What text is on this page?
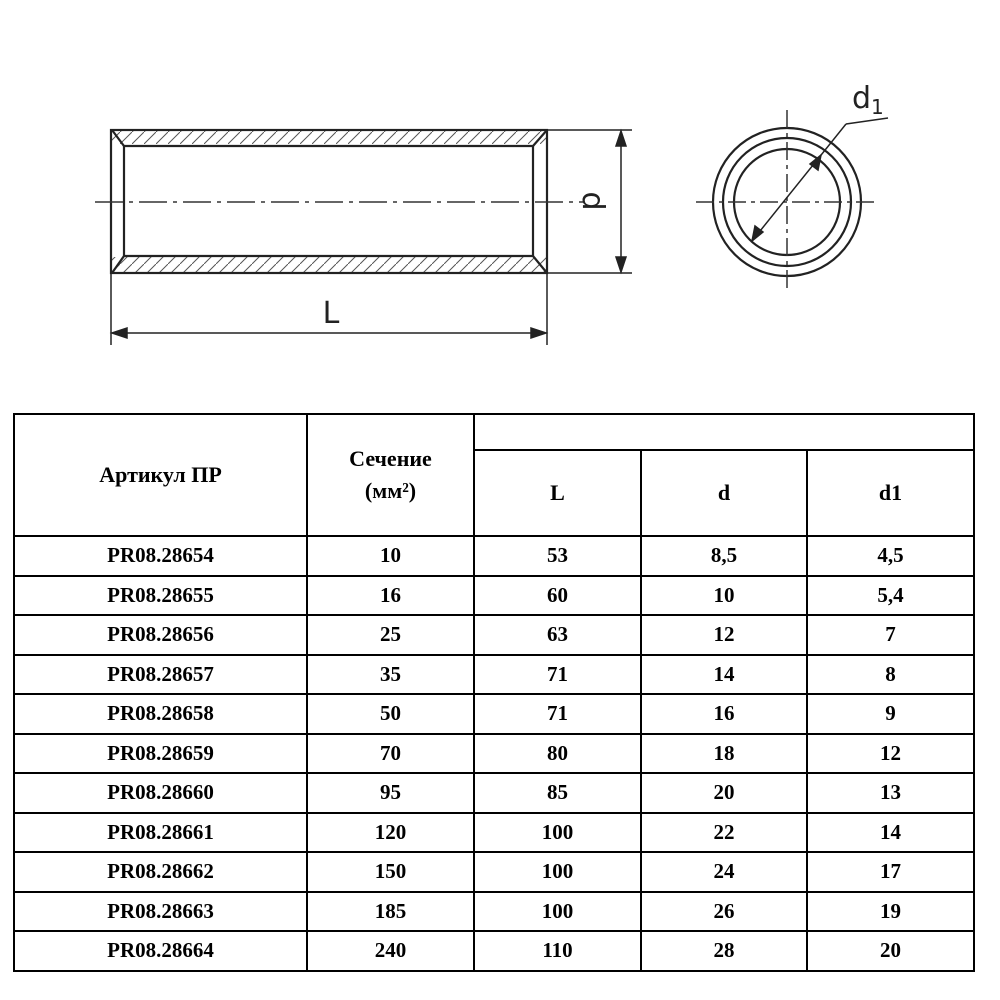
d
L
$d_1$
Артикул ПР	Сечение
(мм²)			
		L	d	d1
PR08.28654	10	53	8,5	4,5
PR08.28655	16	60	10	5,4
PR08.28656	25	63	12	7
PR08.28657	35	71	14	8
PR08.28658	50	71	16	9
PR08.28659	70	80	18	12
PR08.28660	95	85	20	13
PR08.28661	120	100	22	14
PR08.28662	150	100	24	17
PR08.28663	185	100	26	19
PR08.28664	240	110	28	20
